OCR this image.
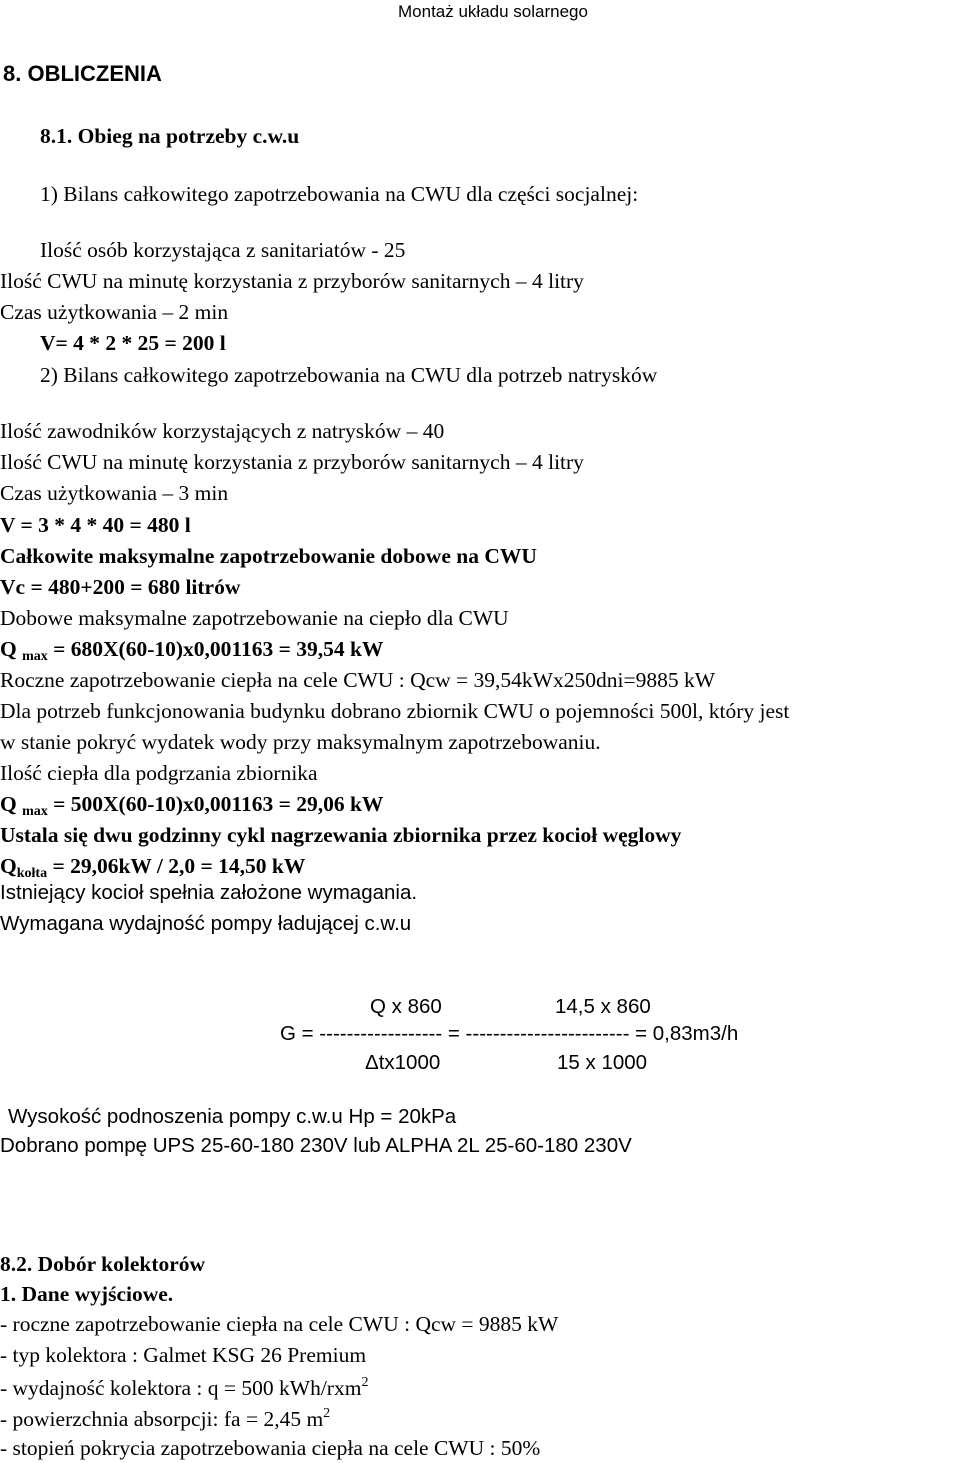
Montaż układu solarnego
8. OBLICZENIA
8.1. Obieg na potrzeby c.w.u
1) Bilans całkowitego zapotrzebowania na CWU dla części socjalnej:
Ilość osób korzystająca z sanitariatów - 25
Ilość CWU na minutę korzystania z przyborów sanitarnych – 4 litry
Czas użytkowania – 2 min
V= 4 * 2 * 25 = 200 l
2) Bilans całkowitego zapotrzebowania na CWU dla potrzeb natrysków
Ilość zawodników korzystających z natrysków – 40
Ilość CWU na minutę korzystania z przyborów sanitarnych – 4 litry
Czas użytkowania – 3 min
V = 3 * 4 * 40 = 480 l
Całkowite maksymalne zapotrzebowanie dobowe na CWU
Vc = 480+200 = 680 litrów
Dobowe maksymalne zapotrzebowanie na ciepło dla CWU
Q $_{max}$ = 680X(60-10)x0,001163 = 39,54 kW
Roczne zapotrzebowanie ciepła na cele CWU : Qcw = 39,54kWx250dni=9885 kW
Dla potrzeb funkcjonowania budynku dobrano zbiornik CWU o pojemności 500l, który jest
w stanie pokryć wydatek wody przy maksymalnym zapotrzebowaniu.
Ilość ciepła dla podgrzania zbiornika
Q $_{max}$ = 500X(60-10)x0,001163 = 29,06 kW
Ustala się dwu godzinny cykl nagrzewania zbiornika przez kocioł węglowy
$Q_{kołta} = 29,06kW / 2,0 = 14,50$ kW
Istniejący kocioł spełnia założone wymagania.
Wymagana wydajność pompy ładującej c.w.u
Q x 860	14,5 x 860
G = ------------------ = ------------------------ = 0,83m3/h
Δtx1000	15 x 1000
Wysokość podnoszenia pompy c.w.u Hp = 20kPa
Dobrano pompę UPS 25-60-180 230V lub ALPHA 2L 25-60-180 230V
8.2. Dobór kolektorów
1. Dane wyjściowe.
- roczne zapotrzebowanie ciepła na cele CWU : Qcw = 9885 kW
- typ kolektora : Galmet KSG 26 Premium
- wydajność kolektora : q = 500 kWh/rxm$^2$
- powierzchnia absorpcji: fa = 2,45 $m^2$
- stopień pokrycia zapotrzebowania ciepła na cele CWU : 50%
